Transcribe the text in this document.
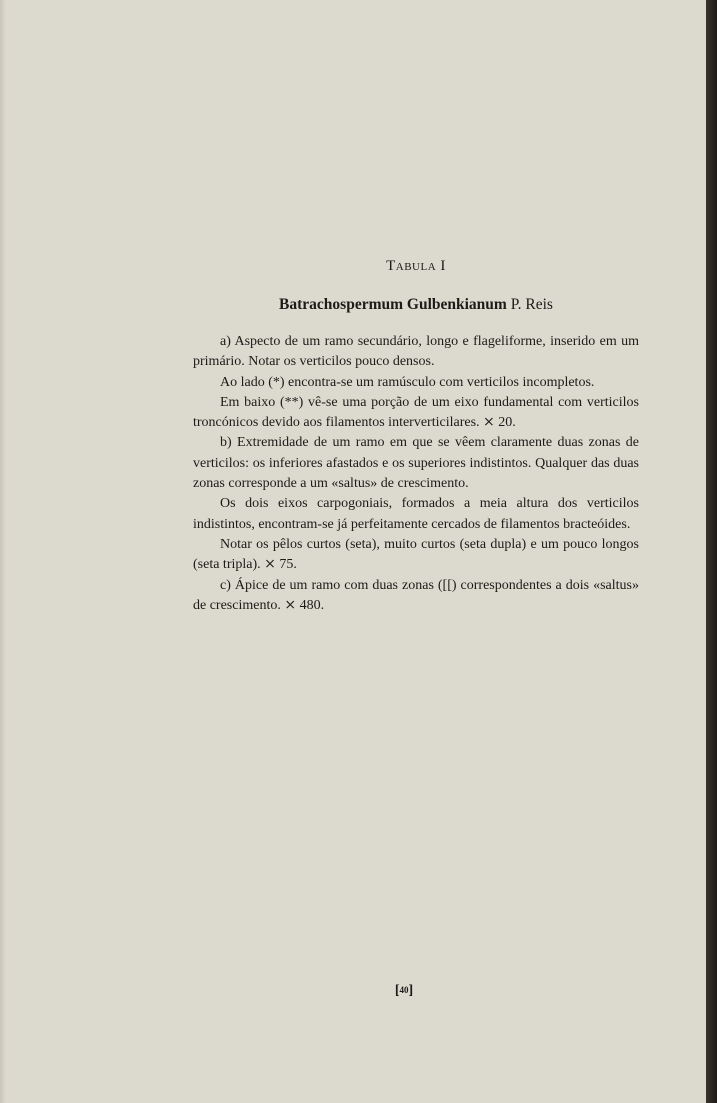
Tabula I
Batrachospermum Gulbenkianum P. Reis

a) Aspecto de um ramo secundário, longo e flageliforme, inserido em um primário. Notar os verticilos pouco densos.

Ao lado (*) encontra-se um ramúsculo com verticilos incompletos.

Em baixo (**) vê-se uma porção de um eixo fundamental com verticilos troncónicos devido aos filamentos interverticilares. ⨯ 20.

b) Extremidade de um ramo em que se vêem claramente duas zonas de verticilos: os inferiores afastados e os superiores indistintos. Qualquer das duas zonas corresponde a um «saltus» de crescimento.

Os dois eixos carpogoniais, formados a meia altura dos verticilos indistintos, encontram-se já perfeitamente cercados de filamentos bracteóides.

Notar os pêlos curtos (seta), muito curtos (seta dupla) e um pouco longos (seta tripla). ⨯ 75.

c) Ápice de um ramo com duas zonas ([[) correspondentes a dois «saltus» de crescimento. ⨯ 480.

[40]
